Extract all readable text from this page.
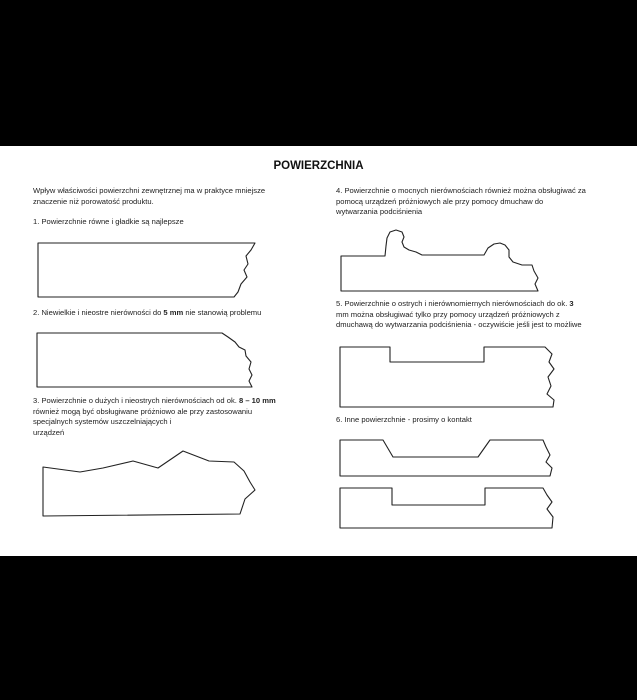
POWIERZCHNIA
Wpływ właściwości powierzchni zewnętrznej ma w praktyce mniejsze
znaczenie niż porowatość produktu.
1. Powierzchnie równe i gładkie są najlepsze
2. Niewielkie i nieostre nierówności do 5 mm nie stanowią problemu
3. Powierzchnie o dużych i nieostrych nierównościach od ok. 8 – 10 mm
również mogą być obsługiwane próżniowo ale przy zastosowaniu
specjalnych systemów uszczelniających i
urządzeń
4. Powierzchnie o mocnych nierównościach również można obsługiwać za
pomocą urządzeń próżniowych ale przy pomocy dmuchaw do
wytwarzania podciśnienia
5. Powierzchnie o ostrych i nierównomiernych nierównościach do ok. 3
mm można obsługiwać tylko przy pomocy urządzeń próżniowych z
dmuchawą do wytwarzania podciśnienia - oczywiście jeśli jest to możliwe
6. Inne powierzchnie - prosimy o kontakt
